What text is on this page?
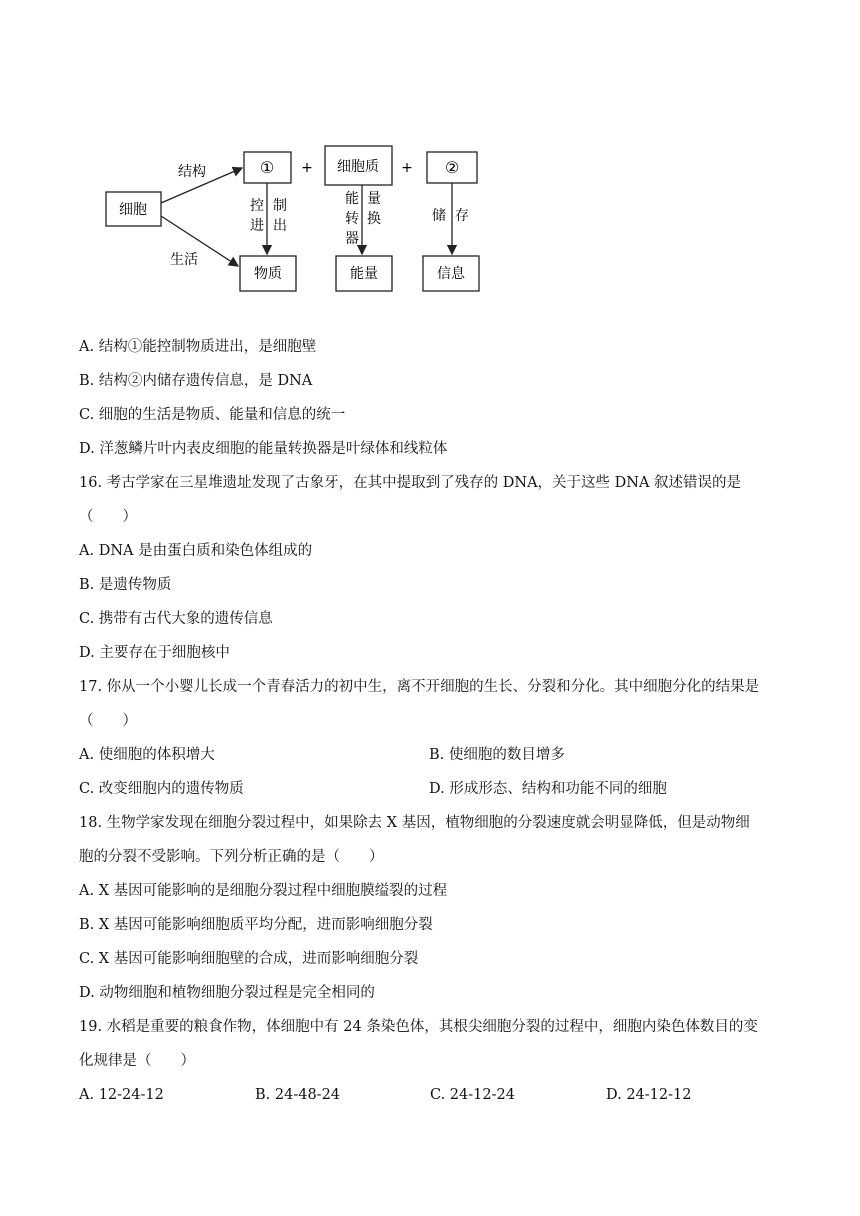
细胞
结构
生活
①	细胞质	②
+	+
控进
制出
能转器
量换	储 存
物质	能量	信息
A. 结构①能控制物质进出，是细胞壁
B. 结构②内储存遗传信息，是 DNA
C. 细胞的生活是物质、能量和信息的统一
D. 洋葱鳞片叶内表皮细胞的能量转换器是叶绿体和线粒体
16. 考古学家在三星堆遗址发现了古象牙，在其中提取到了残存的 DNA，关于这些 DNA 叙述错误的是
（　　）
A. DNA 是由蛋白质和染色体组成的
B. 是遗传物质
C. 携带有古代大象的遗传信息
D. 主要存在于细胞核中
17. 你从一个小婴儿长成一个青春活力的初中生，离不开细胞的生长、分裂和分化。其中细胞分化的结果是
（　　）
A. 使细胞的体积增大	B. 使细胞的数目增多
C. 改变细胞内的遗传物质	D. 形成形态、结构和功能不同的细胞
18. 生物学家发现在细胞分裂过程中，如果除去 X 基因，植物细胞的分裂速度就会明显降低，但是动物细
胞的分裂不受影响。下列分析正确的是（　　）
A. X 基因可能影响的是细胞分裂过程中细胞膜缢裂的过程
B. X 基因可能影响细胞质平均分配，进而影响细胞分裂
C. X 基因可能影响细胞壁的合成，进而影响细胞分裂
D. 动物细胞和植物细胞分裂过程是完全相同的
19. 水稻是重要的粮食作物，体细胞中有 24 条染色体，其根尖细胞分裂的过程中，细胞内染色体数目的变
化规律是（　　）
A. 12-24-12	B. 24-48-24	C. 24-12-24	D. 24-12-12
